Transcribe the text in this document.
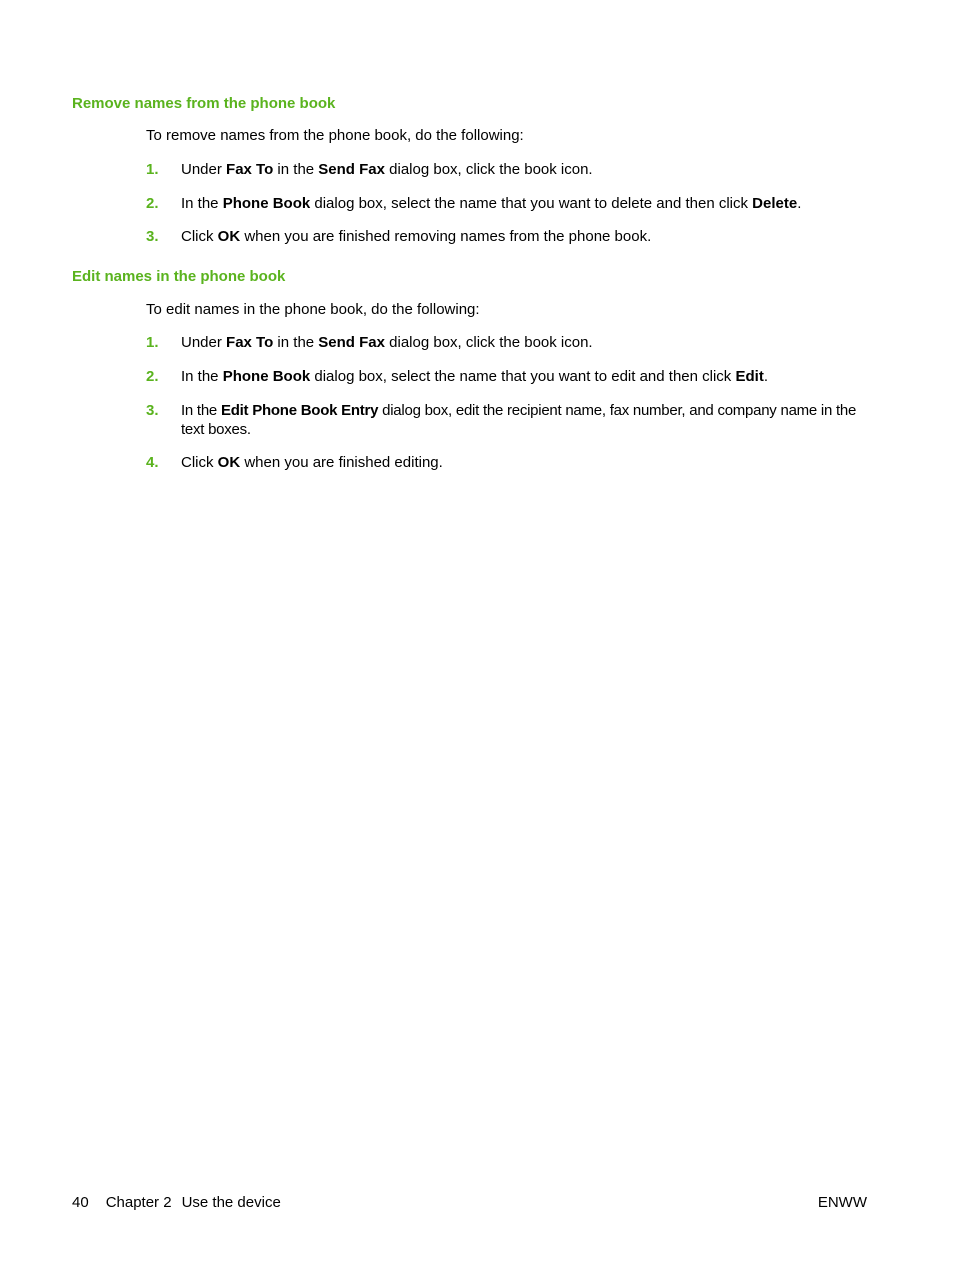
Remove names from the phone book

To remove names from the phone book, do the following:

1. Under Fax To in the Send Fax dialog box, click the book icon.
2. In the Phone Book dialog box, select the name that you want to delete and then click Delete.
3. Click OK when you are finished removing names from the phone book.
Edit names in the phone book

To edit names in the phone book, do the following:

1. Under Fax To in the Send Fax dialog box, click the book icon.
2. In the Phone Book dialog box, select the name that you want to edit and then click Edit.
3. In the Edit Phone Book Entry dialog box, edit the recipient name, fax number, and company name in the text boxes.
4. Click OK when you are finished editing.
40 Chapter 2 Use the device	ENWW
